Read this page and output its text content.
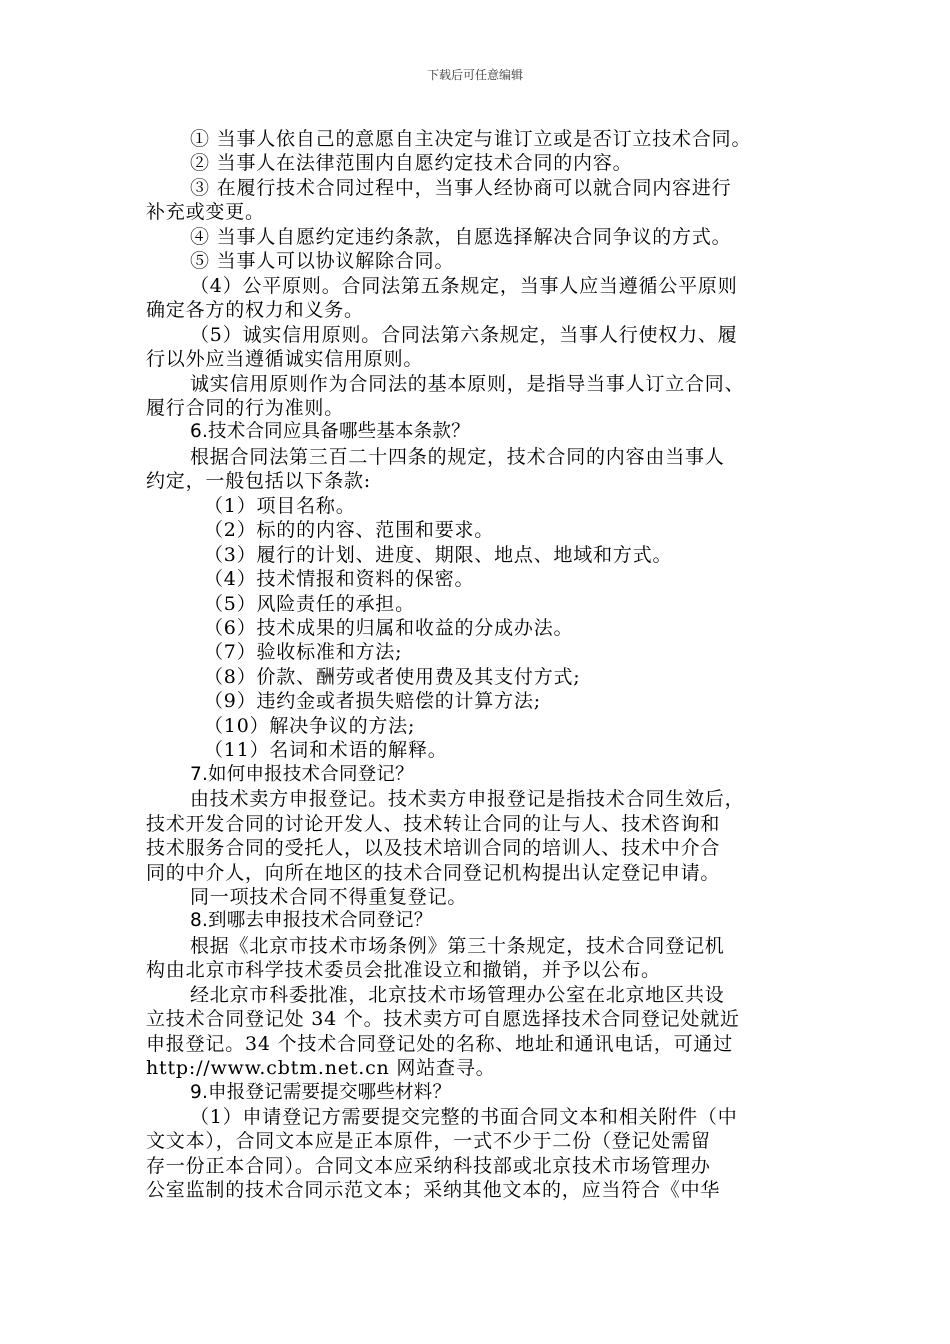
下载后可任意编辑
① 当事人依自己的意愿自主决定与谁订立或是否订立技术合同。
② 当事人在法律范围内自愿约定技术合同的内容。
③ 在履行技术合同过程中，当事人经协商可以就合同内容进行
补充或变更。
④ 当事人自愿约定违约条款，自愿选择解决合同争议的方式。
⑤ 当事人可以协议解除合同。
（4）公平原则。合同法第五条规定，当事人应当遵循公平原则
确定各方的权力和义务。
（5）诚实信用原则。合同法第六条规定，当事人行使权力、履
行以外应当遵循诚实信用原则。
诚实信用原则作为合同法的基本原则，是指导当事人订立合同、
履行合同的行为准则。
6.技术合同应具备哪些基本条款？
根据合同法第三百二十四条的规定，技术合同的内容由当事人
约定，一般包括以下条款:
（1）项目名称。
（2）标的的内容、范围和要求。
（3）履行的计划、进度、期限、地点、地域和方式。
（4）技术情报和资料的保密。
（5）风险责任的承担。
（6）技术成果的归属和收益的分成办法。
（7）验收标准和方法;
（8）价款、酬劳或者使用费及其支付方式;
（9）违约金或者损失赔偿的计算方法;
（10）解决争议的方法;
（11）名词和术语的解释。
7.如何申报技术合同登记？
由技术卖方申报登记。技术卖方申报登记是指技术合同生效后，
技术开发合同的讨论开发人、技术转让合同的让与人、技术咨询和
技术服务合同的受托人，以及技术培训合同的培训人、技术中介合
同的中介人，向所在地区的技术合同登记机构提出认定登记申请。
同一项技术合同不得重复登记。
8.到哪去申报技术合同登记？
根据《北京市技术市场条例》第三十条规定，技术合同登记机
构由北京市科学技术委员会批准设立和撤销，并予以公布。
经北京市科委批准，北京技术市场管理办公室在北京地区共设
立技术合同登记处 34 个。技术卖方可自愿选择技术合同登记处就近
申报登记。34 个技术合同登记处的名称、地址和通讯电话，可通过
http://www.cbtm.net.cn 网站查寻。
9.申报登记需要提交哪些材料？
（1）申请登记方需要提交完整的书面合同文本和相关附件（中
文文本），合同文本应是正本原件，一式不少于二份（登记处需留
存一份正本合同）。合同文本应采纳科技部或北京技术市场管理办
公室监制的技术合同示范文本；采纳其他文本的，应当符合《中华
